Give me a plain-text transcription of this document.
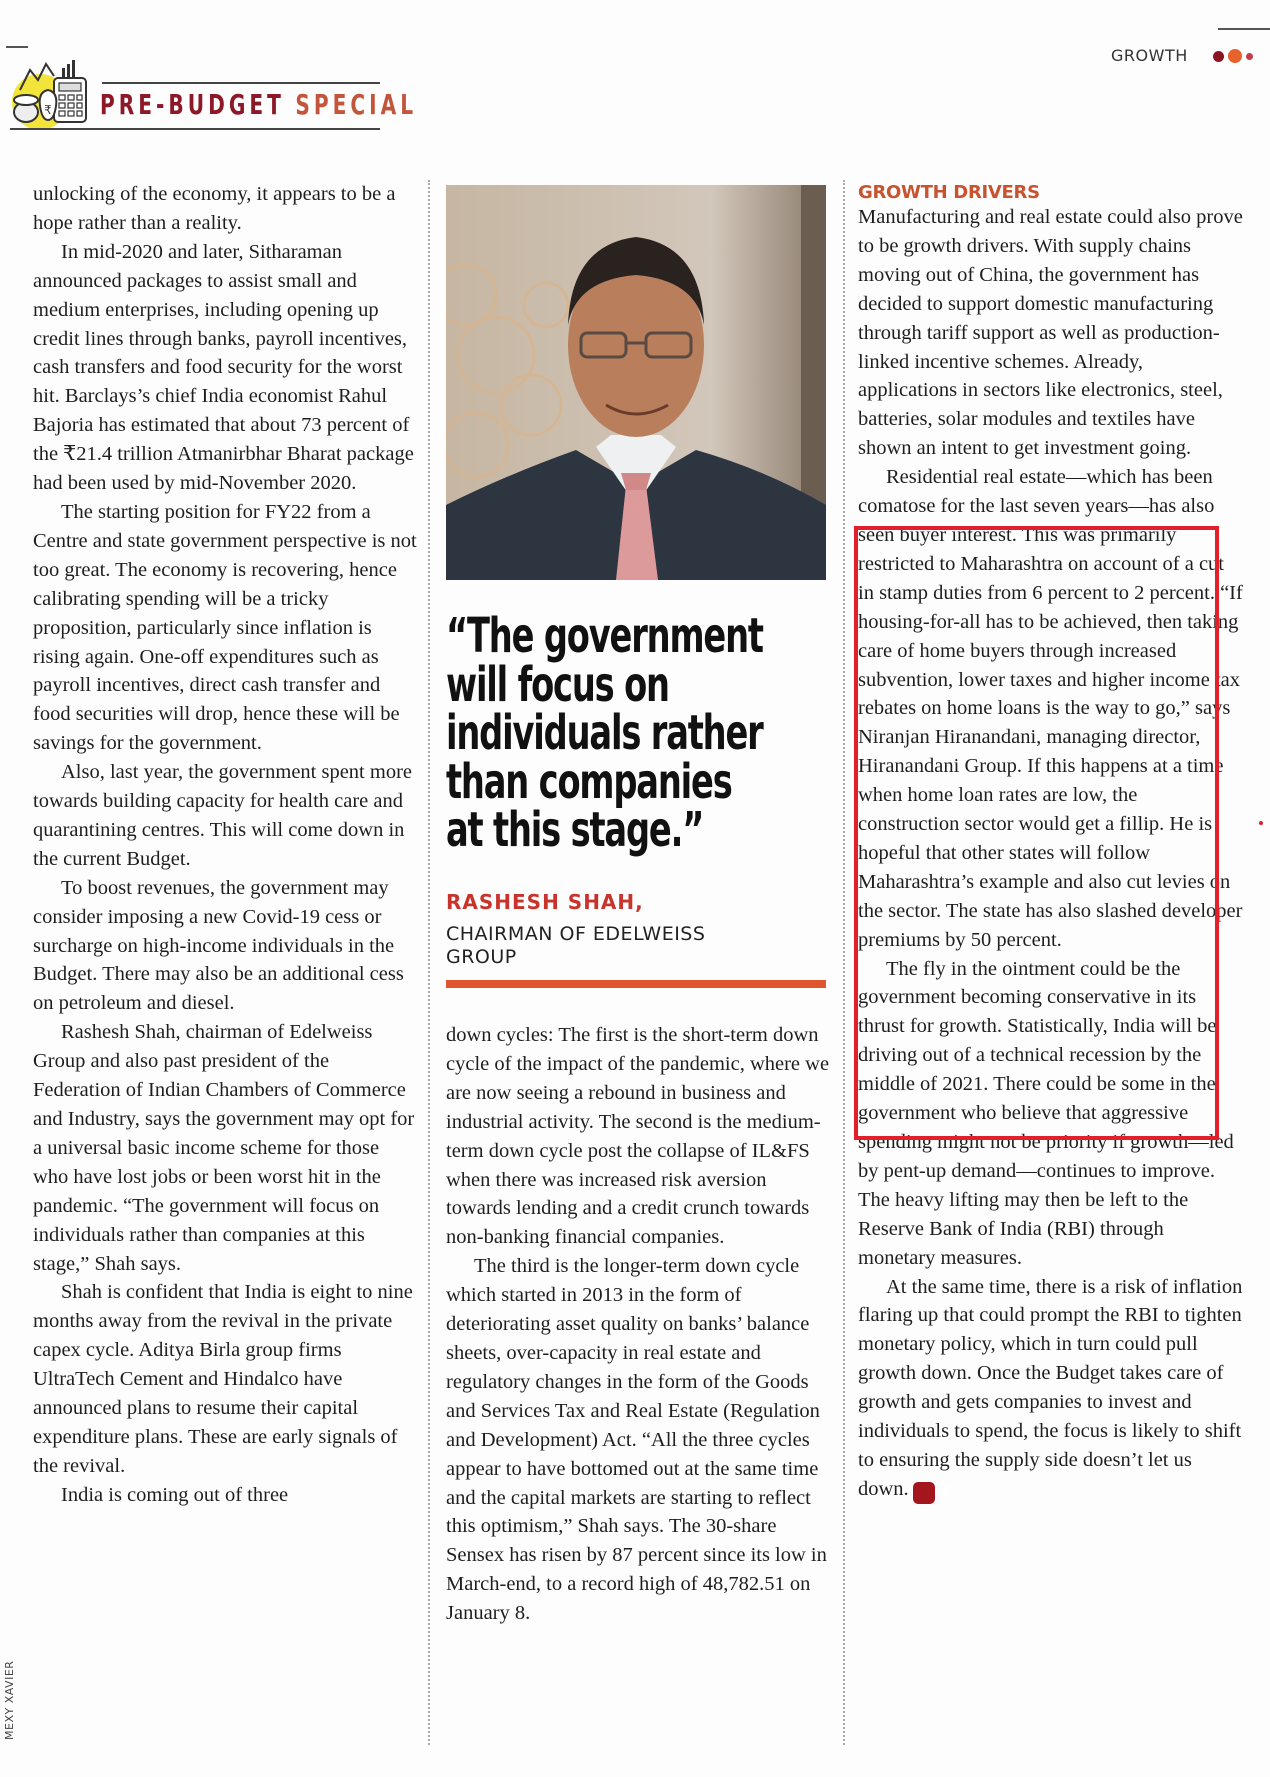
₹ PRE-BUDGET SPECIAL
GROWTH

unlocking of the economy, it appears to be a hope rather than a reality.

In mid-2020 and later, Sitharaman announced packages to assist small and medium enterprises, including opening up credit lines through banks, payroll incentives, cash transfers and food security for the worst hit. Barclays’s chief India economist Rahul Bajoria has estimated that about 73 percent of the ₹21.4 trillion Atmanirbhar Bharat package had been used by mid-November 2020.

The starting position for FY22 from a Centre and state government perspective is not too great. The economy is recovering, hence calibrating spending will be a tricky proposition, particularly since inflation is rising again. One-off expenditures such as payroll incentives, direct cash transfer and food securities will drop, hence these will be savings for the government.

Also, last year, the government spent more towards building capacity for health care and quarantining centres. This will come down in the current Budget.

To boost revenues, the government may consider imposing a new Covid-19 cess or surcharge on high-income individuals in the Budget. There may also be an additional cess on petroleum and diesel.

Rashesh Shah, chairman of Edelweiss Group and also past president of the Federation of Indian Chambers of Commerce and Industry, says the government may opt for a universal basic income scheme for those who have lost jobs or been worst hit in the pandemic. “The government will focus on individuals rather than companies at this stage,” Shah says.

Shah is confident that India is eight to nine months away from the revival in the private capex cycle. Aditya Birla group firms UltraTech Cement and Hindalco have announced plans to resume their capital expenditure plans. These are early signals of the revival.

India is coming out of three

“The government
will focus on
individuals rather
than companies
at this stage.”
RASHESH SHAH,
CHAIRMAN OF EDELWEISS GROUP

down cycles: The first is the short-term down cycle of the impact of the pandemic, where we are now seeing a rebound in business and industrial activity. The second is the medium-term down cycle post the collapse of IL&FS when there was increased risk aversion towards lending and a credit crunch towards non-banking financial companies.

The third is the longer-term down cycle which started in 2013 in the form of deteriorating asset quality on banks’ balance sheets, over-capacity in real estate and regulatory changes in the form of the Goods and Services Tax and Real Estate (Regulation and Development) Act. “All the three cycles appear to have bottomed out at the same time and the capital markets are starting to reflect this optimism,” Shah says. The 30-share Sensex has risen by 87 percent since its low in March-end, to a record high of 48,782.51 on January 8.

GROWTH DRIVERS

Manufacturing and real estate could also prove to be growth drivers. With supply chains moving out of China, the government has decided to support domestic manufacturing through tariff support as well as production-linked incentive schemes. Already, applications in sectors like electronics, steel, batteries, solar modules and textiles have shown an intent to get investment going.

Residential real estate—which has been comatose for the last seven years—has also seen buyer interest. This was primarily restricted to Maharashtra on account of a cut in stamp duties from 6 percent to 2 percent. “If housing-for-all has to be achieved, then taking care of home buyers through increased subvention, lower taxes and higher income tax rebates on home loans is the way to go,” says Niranjan Hiranandani, managing director, Hiranandani Group. If this happens at a time when home loan rates are low, the construction sector would get a fillip. He is hopeful that other states will follow Maharashtra’s example and also cut levies on the sector. The state has also slashed developer premiums by 50 percent.

The fly in the ointment could be the government becoming conservative in its thrust for growth. Statistically, India will be driving out of a technical recession by the middle of 2021. There could be some in the government who believe that aggressive spending might not be priority if growth—led by pent-up demand—continues to improve. The heavy lifting may then be left to the Reserve Bank of India (RBI) through monetary measures.

At the same time, there is a risk of inflation flaring up that could prompt the RBI to tighten monetary policy, which in turn could pull growth down. Once the Budget takes care of growth and gets companies to invest and individuals to spend, the focus is likely to shift to ensuring the supply side doesn’t let us down. F

MEXY XAVIER
